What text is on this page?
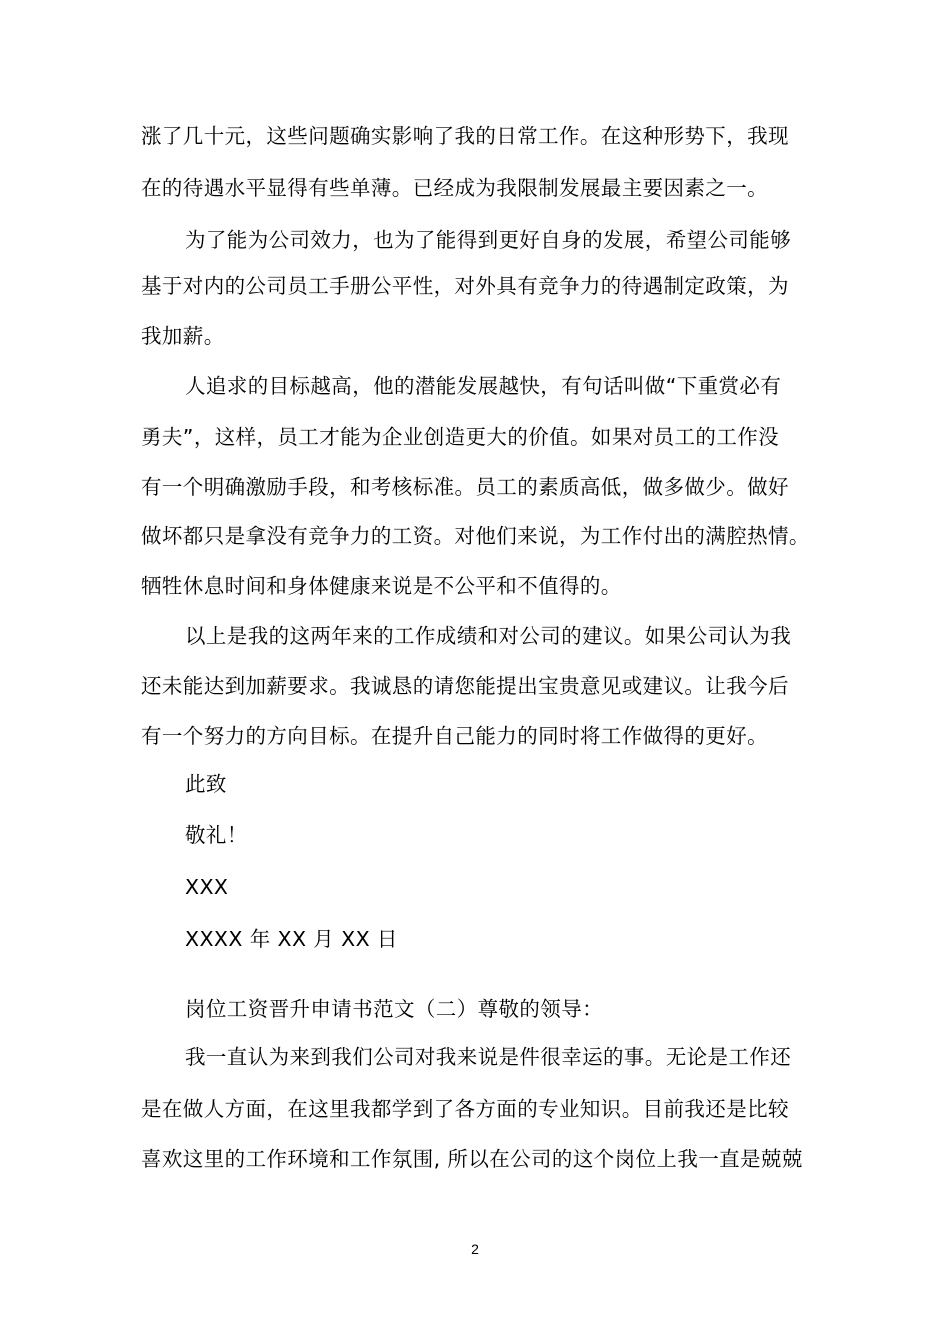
涨了几十元，这些问题确实影响了我的日常工作。在这种形势下，我现
在的待遇水平显得有些单薄。已经成为我限制发展最主要因素之一。
为了能为公司效力，也为了能得到更好自身的发展，希望公司能够
基于对内的公司员工手册公平性，对外具有竞争力的待遇制定政策，为
我加薪。
人追求的目标越高，他的潜能发展越快，有句话叫做“下重赏必有
勇夫”，这样，员工才能为企业创造更大的价值。如果对员工的工作没
有一个明确激励手段，和考核标准。员工的素质高低，做多做少。做好
做坏都只是拿没有竞争力的工资。对他们来说，为工作付出的满腔热情。
牺牲休息时间和身体健康来说是不公平和不值得的。
以上是我的这两年来的工作成绩和对公司的建议。如果公司认为我
还未能达到加薪要求。我诚恳的请您能提出宝贵意见或建议。让我今后
有一个努力的方向目标。在提升自己能力的同时将工作做得的更好。
此致
敬礼！
XXX
XXXX 年 XX 月 XX 日
岗位工资晋升申请书范文（二）尊敬的领导：
我一直认为来到我们公司对我来说是件很幸运的事。无论是工作还
是在做人方面，在这里我都学到了各方面的专业知识。目前我还是比较
喜欢这里的工作环境和工作氛围, 所以在公司的这个岗位上我一直是兢兢
2
